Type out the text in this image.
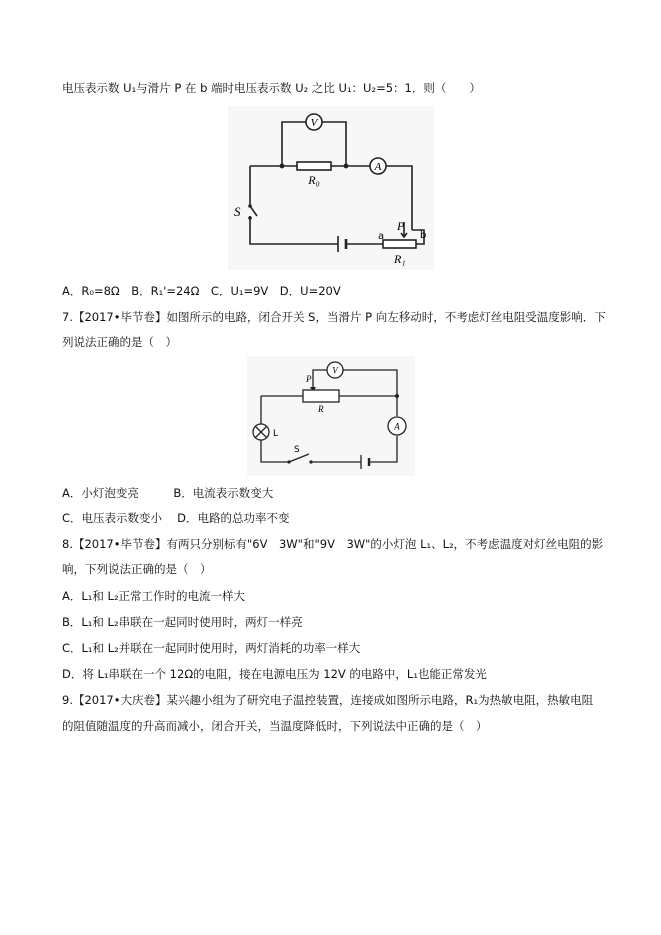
电压表示数 U₁与滑片 P 在 b 端时电压表示数 U₂ 之比 U₁：U₂=5：1．则（　　）
V
R₀
A
S
P
a	b
R₁
A．R₀=8Ω　B．R₁'=24Ω　C．U₁=9V　D．U=20V
7.【2017•毕节卷】如图所示的电路，闭合开关 S，当滑片 P 向左移动时，不考虑灯丝电阻受温度影响．下
列说法正确的是（　）
P
V
R
L
A
S
A．小灯泡变亮　　　B．电流表示数变大
C．电压表示数变小　 D．电路的总功率不变
8.【2017•毕节卷】有两只分别标有"6V　3W"和"9V　3W"的小灯泡 L₁、L₂，不考虑温度对灯丝电阻的影
响，下列说法正确的是（　）
A．L₁和 L₂正常工作时的电流一样大
B．L₁和 L₂串联在一起同时使用时，两灯一样亮
C．L₁和 L₂并联在一起同时使用时，两灯消耗的功率一样大
D．将 L₁串联在一个 12Ω的电阻，接在电源电压为 12V 的电路中，L₁也能正常发光
9.【2017•大庆卷】某兴趣小组为了研究电子温控装置，连接成如图所示电路，R₁为热敏电阻，热敏电阻
的阻值随温度的升高而减小，闭合开关，当温度降低时，下列说法中正确的是（　）
